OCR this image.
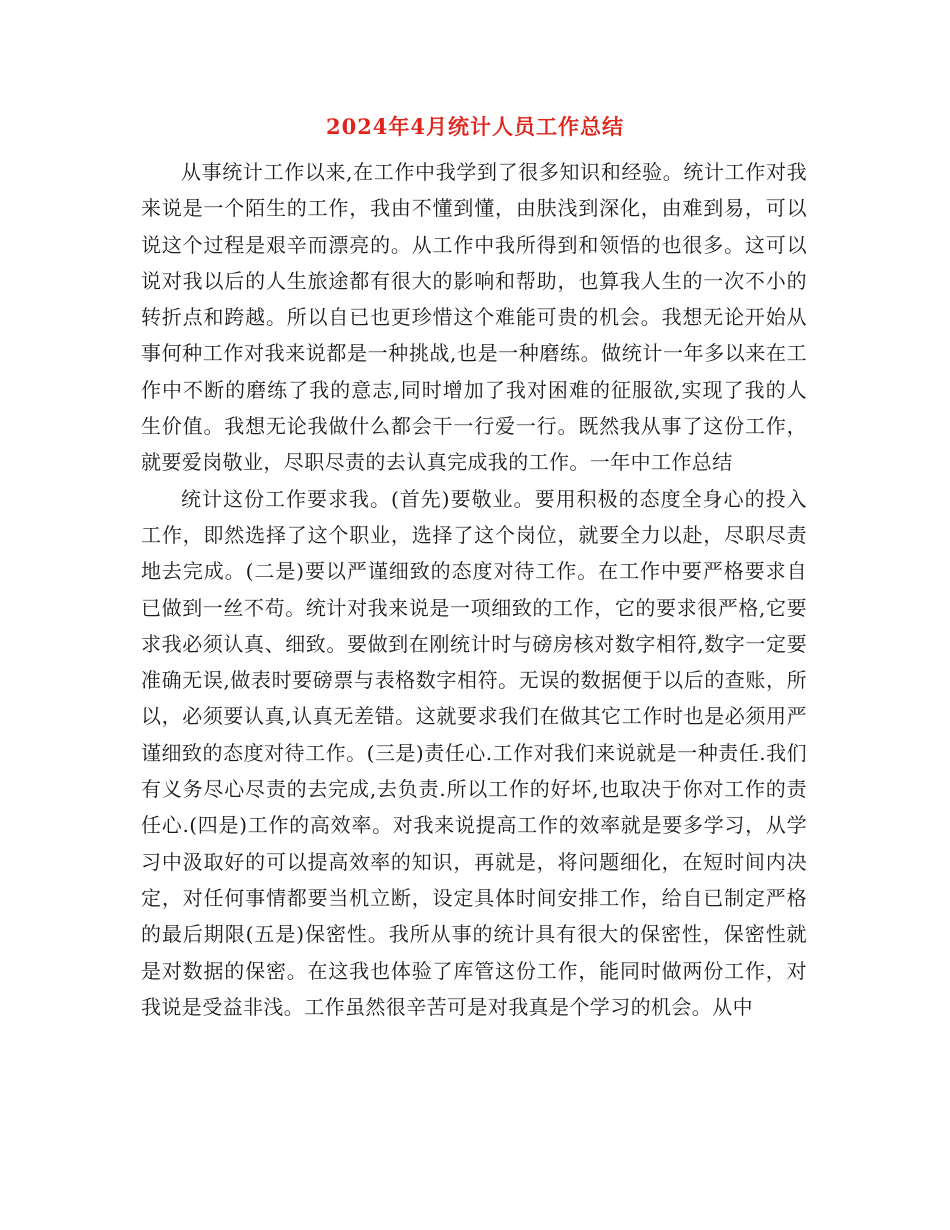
2024年4月统计人员工作总结

从事统计工作以来,在工作中我学到了很多知识和经验。统计工作对我来说是一个陌生的工作，我由不懂到懂，由肤浅到深化，由难到易，可以说这个过程是艰辛而漂亮的。从工作中我所得到和领悟的也很多。这可以说对我以后的人生旅途都有很大的影响和帮助，也算我人生的一次不小的转折点和跨越。所以自已也更珍惜这个难能可贵的机会。我想无论开始从事何种工作对我来说都是一种挑战,也是一种磨练。做统计一年多以来在工作中不断的磨练了我的意志,同时增加了我对困难的征服欲,实现了我的人生价值。我想无论我做什么都会干一行爱一行。既然我从事了这份工作，就要爱岗敬业，尽职尽责的去认真完成我的工作。一年中工作总结

统计这份工作要求我。(首先)要敬业。要用积极的态度全身心的投入工作，即然选择了这个职业，选择了这个岗位，就要全力以赴，尽职尽责地去完成。(二是)要以严谨细致的态度对待工作。在工作中要严格要求自已做到一丝不苟。统计对我来说是一项细致的工作，它的要求很严格,它要求我必须认真、细致。要做到在刚统计时与磅房核对数字相符,数字一定要准确无误,做表时要磅票与表格数字相符。无误的数据便于以后的查账，所以，必须要认真,认真无差错。这就要求我们在做其它工作时也是必须用严谨细致的态度对待工作。(三是)责任心.工作对我们来说就是一种责任.我们有义务尽心尽责的去完成,去负责.所以工作的好坏,也取决于你对工作的责任心.(四是)工作的高效率。对我来说提高工作的效率就是要多学习，从学习中汲取好的可以提高效率的知识，再就是，将问题细化，在短时间内决定，对任何事情都要当机立断，设定具体时间安排工作，给自已制定严格的最后期限(五是)保密性。我所从事的统计具有很大的保密性，保密性就是对数据的保密。在这我也体验了库管这份工作，能同时做两份工作，对我说是受益非浅。工作虽然很辛苦可是对我真是个学习的机会。从中
